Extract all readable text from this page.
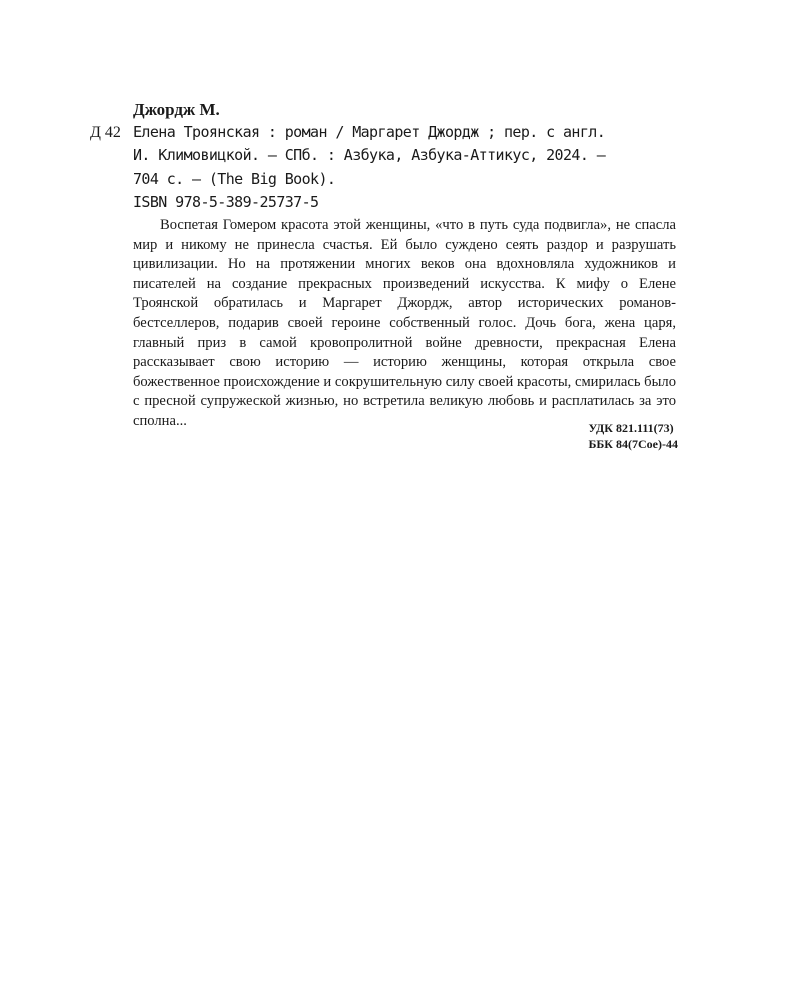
Джордж М.
Д 42 Елена Троянская : роман / Маргарет Джордж ; пер. с англ.
И. Климовицкой. — СПб. : Азбука, Азбука-Аттикус, 2024. —
704 с. — (The Big Book).
ISBN 978-5-389-25737-5
Воспетая Гомером красота этой женщины, «что в путь суда подвигла», не спасла мир и никому не принесла счастья. Ей было суждено сеять раздор и разрушать цивилизации. Но на протяжении многих веков она вдохновляла художников и писателей на создание прекрасных произведений искусства. К мифу о Елене Троянской обратилась и Маргарет Джордж, автор исторических романов-бестселлеров, подарив своей героине собственный голос. Дочь бога, жена царя, главный приз в самой кровопролитной войне древности, прекрасная Елена рассказывает свою историю — историю женщины, которая открыла свое божественное происхождение и сокрушительную силу своей красоты, смирилась было с пресной супружеской жизнью, но встретила великую любовь и расплатилась за это сполна...	УДК 821.111(73)
ББК 84(7Сое)-44
